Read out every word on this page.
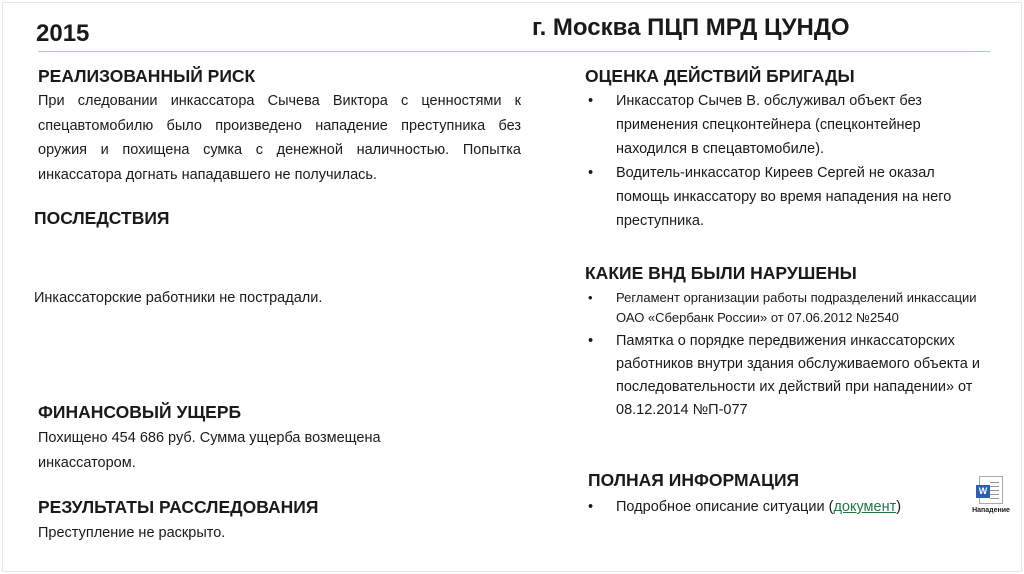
2015	г. Москва ПЦП МРД ЦУНДО
РЕАЛИЗОВАННЫЙ РИСК
При следовании инкассатора Сычева Виктора с ценностями к спецавтомобилю было произведено нападение преступника без оружия и похищена сумка с денежной наличностью. Попытка инкассатора догнать нападавшего не получилась.
ПОСЛЕДСТВИЯ
Инкассаторские работники не пострадали.
ФИНАНСОВЫЙ УЩЕРБ
Похищено 454 686 руб. Сумма ущерба возмещена инкассатором.
РЕЗУЛЬТАТЫ РАССЛЕДОВАНИЯ
Преступление не раскрыто.
ОЦЕНКА ДЕЙСТВИЙ БРИГАДЫ
• Инкассатор Сычев В. обслуживал объект без применения спецконтейнера (спецконтейнер находился в спецавтомобиле).
• Водитель-инкассатор Киреев Сергей не оказал помощь инкассатору во время нападения на него преступника.
КАКИЕ ВНД БЫЛИ НАРУШЕНЫ
• Регламент организации работы подразделений инкассации ОАО «Сбербанк России» от 07.06.2012 №2540
• Памятка о порядке передвижения инкассаторских работников внутри здания обслуживаемого объекта и последовательности их действий при нападении» от 08.12.2014 №П-077
ПОЛНАЯ ИНФОРМАЦИЯ
• Подробное описание ситуации (документ)
W
Нападение
